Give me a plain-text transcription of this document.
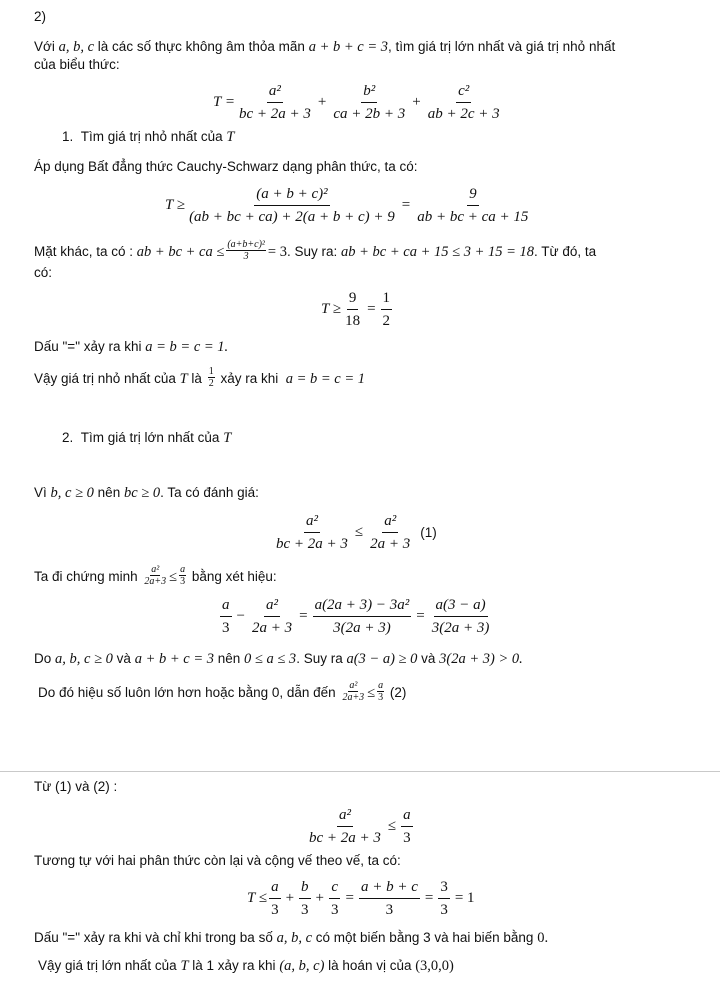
2)
Với a, b, c là các số thực không âm thỏa mãn a + b + c = 3, tìm giá trị lớn nhất và giá trị nhỏ nhất
của biểu thức:
$T = \frac{\text{a²}}{bc + 2a + 3} + \frac{\text{b²}}{ca + 2b + 3} + \frac{\text{c²}}{ab + 2c + 3}$
1. Tìm giá trị nhỏ nhất của T
Áp dụng Bất đẳng thức Cauchy-Schwarz dạng phân thức, ta có:
$T \ge \frac{\text{(a + b + c)²}}{(ab + bc + ca) + 2(a + b + c) + 9} = \frac{9}{ab + bc + ca + 15}$
Mặt khác, ta có : ab + bc + ca ≤ $\frac{\text{(a+b+c)²}}{3} = 3$. Suy ra: ab + bc + ca + 15 ≤ 3 + 15 = 18. Từ đó, ta
có:
$T \ge \frac{9}{18} = \frac{1}{2}$
Dấu "=" xảy ra khi a = b = c = 1.
Vậy giá trị nhỏ nhất của T là $\frac{1}{2}$ xảy ra khi  a = b = c = 1
2. Tìm giá trị lớn nhất của T
Vì b, c ≥ 0 nên bc ≥ 0. Ta có đánh giá:
$\frac{\text{a²}}{bc + 2a + 3} \le \frac{\text{a²}}{2a + 3} (1)$
Ta đi chứng minh $\frac{\text{a²}}{2a+3} \le \frac{a}{3}$ bằng xét hiệu:
$\frac{a}{3} - \frac{\text{a²}}{2a + 3} = \frac{\text{a(2a + 3) − 3a²}}{3(2a + 3)} = \frac{a(3 - a)}{3(2a + 3)}$
Do a, b, c ≥ 0 và a + b + c = 3 nên 0 ≤ a ≤ 3. Suy ra a(3 − a) ≥ 0 và 3(2a + 3) > 0.
Do đó hiệu số luôn lớn hơn hoặc bằng 0, dẫn đến $\frac{\text{a²}}{2a+3} \le \frac{a}{3} (2)$
Từ (1) và (2) :
$\frac{\text{a²}}{bc + 2a + 3} \le \frac{a}{3}$
Tương tự với hai phân thức còn lại và cộng vế theo vế, ta có:
$T \le \frac{a}{3} + \frac{b}{3} + \frac{c}{3} = \frac{a + b + c}{3} = \frac{3}{3} = 1$
Dấu "=" xảy ra khi và chỉ khi trong ba số a, b, c có một biến bằng 3 và hai biến bằng 0.
Vậy giá trị lớn nhất của T là 1 xảy ra khi (a, b, c) là hoán vị của (3,0,0)
